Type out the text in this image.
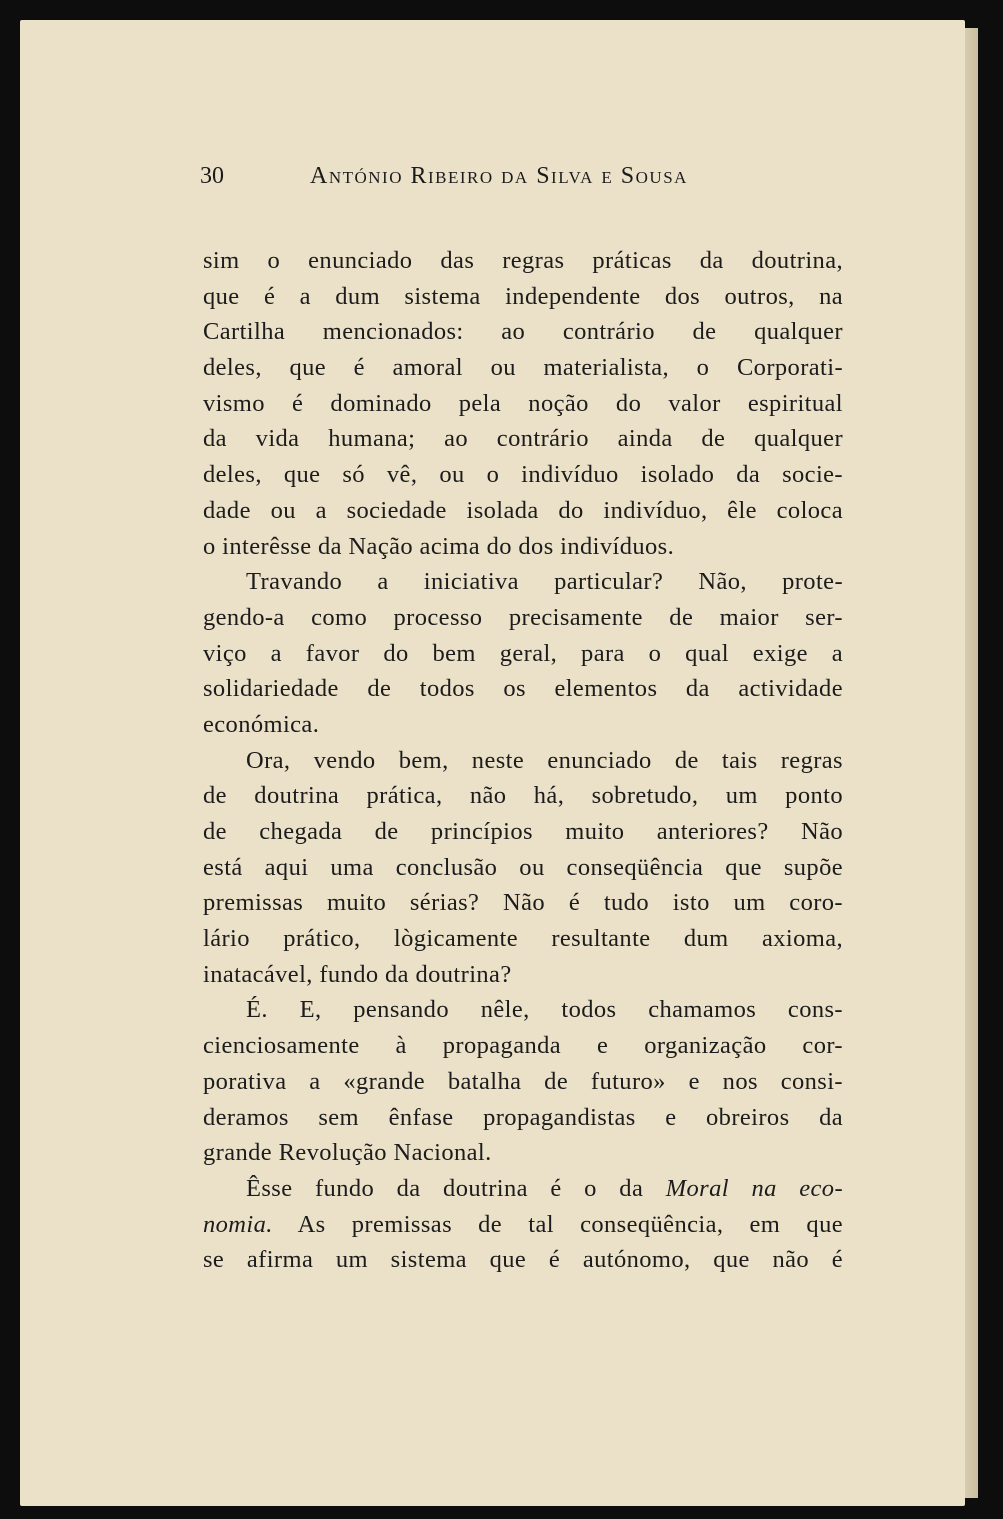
30	António Ribeiro da Silva e Sousa
sim o enunciado das regras práticas da doutrina,
que é a dum sistema independente dos outros, na
Cartilha mencionados: ao contrário de qualquer
deles, que é amoral ou materialista, o Corporati-
vismo é dominado pela noção do valor espiritual
da vida humana; ao contrário ainda de qualquer
deles, que só vê, ou o indivíduo isolado da socie-
dade ou a sociedade isolada do indivíduo, êle coloca
o interêsse da Nação acima do dos indivíduos.
Travando a iniciativa particular? Não, prote-
gendo-a como processo precisamente de maior ser-
viço a favor do bem geral, para o qual exige a
solidariedade de todos os elementos da actividade
económica.
Ora, vendo bem, neste enunciado de tais regras
de doutrina prática, não há, sobretudo, um ponto
de chegada de princípios muito anteriores? Não
está aqui uma conclusão ou conseqüência que supõe
premissas muito sérias? Não é tudo isto um coro-
lário prático, lògicamente resultante dum axioma,
inatacável, fundo da doutrina?
É. E, pensando nêle, todos chamamos cons-
cienciosamente à propaganda e organização cor-
porativa a «grande batalha de futuro» e nos consi-
deramos sem ênfase propagandistas e obreiros da
grande Revolução Nacional.
Êsse fundo da doutrina é o da Moral na eco-
nomia. As premissas de tal conseqüência, em que
se afirma um sistema que é autónomo, que não é
